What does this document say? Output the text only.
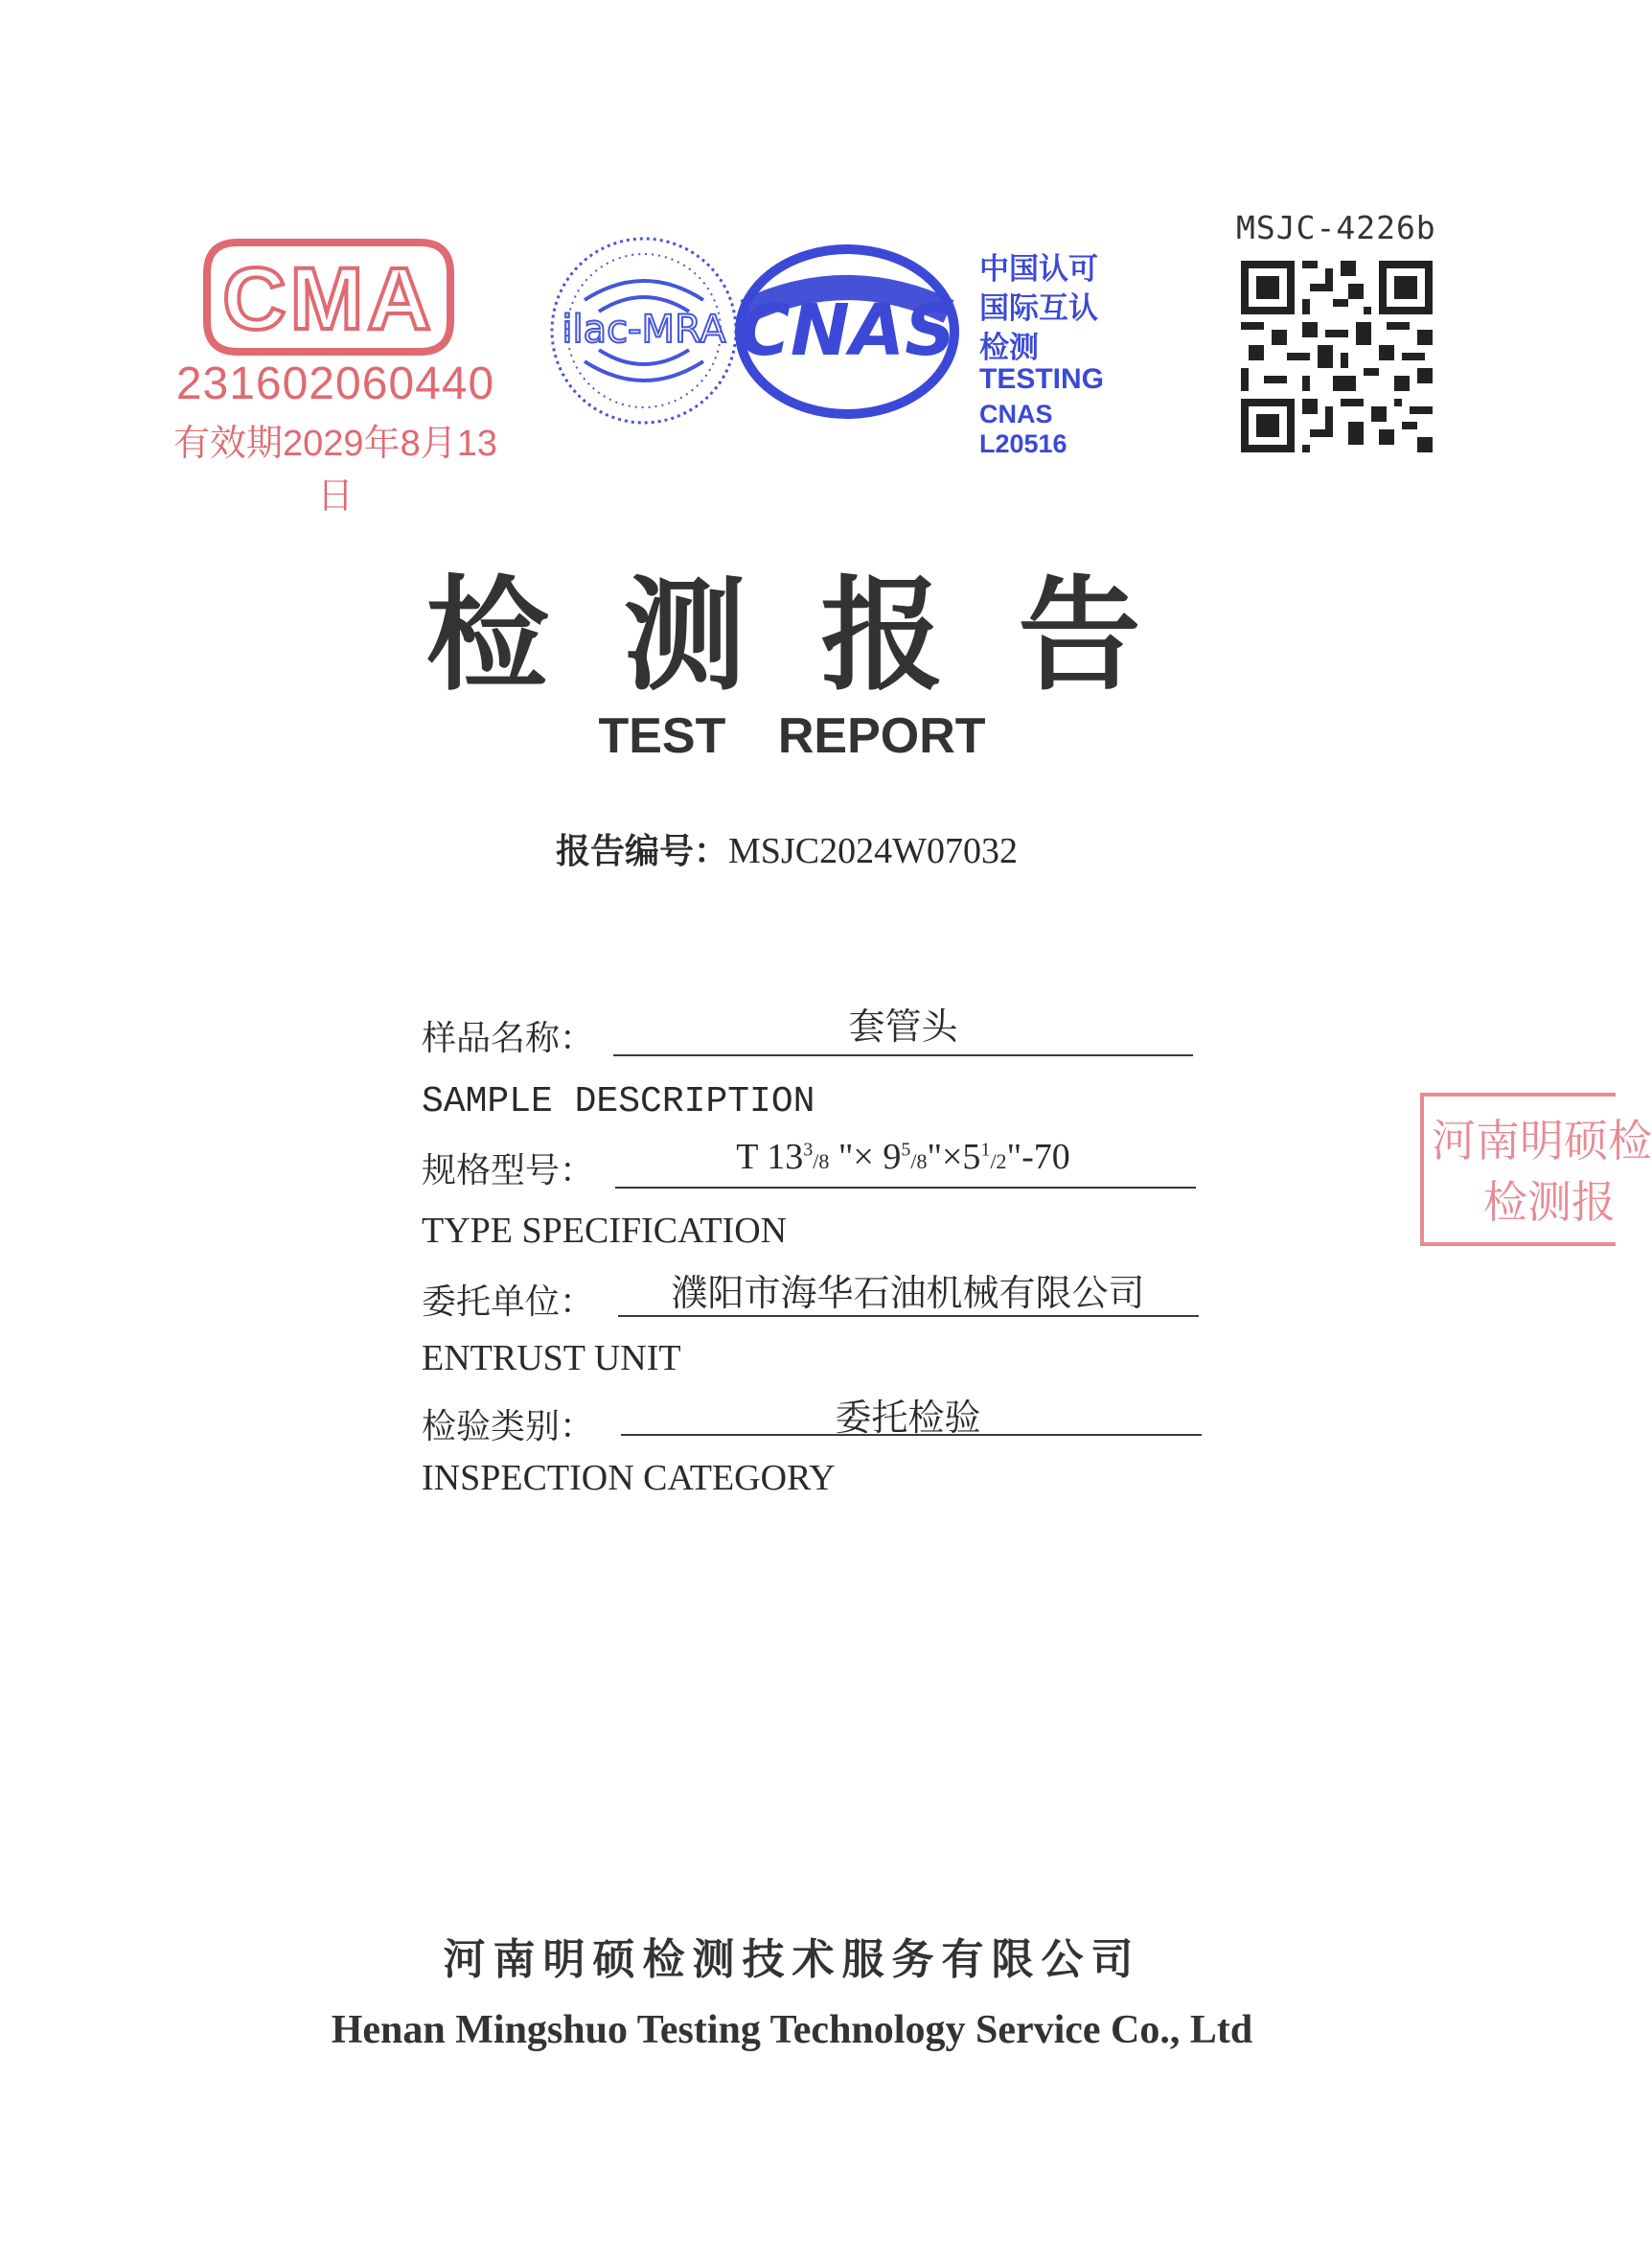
CMA
231602060440
有效期2029年8月13日
ilac-MRA CNAS
中国认可
国际互认
检测
TESTING
CNAS L20516
MSJC-4226b
河南明硕检
检测报
检测报告
TEST REPORT
报告编号：MSJC2024W07032
样品名称：	套管头
SAMPLE DESCRIPTION
规格型号：	T $13^3/8$ "× $9^5/8"\times 5^1/2"-70$
TYPE SPECIFICATION
委托单位：	濮阳市海华石油机械有限公司
ENTRUST UNIT
检验类别：	委托检验
INSPECTION CATEGORY
河南明硕检测技术服务有限公司
Henan Mingshuo Testing Technology Service Co., Ltd
